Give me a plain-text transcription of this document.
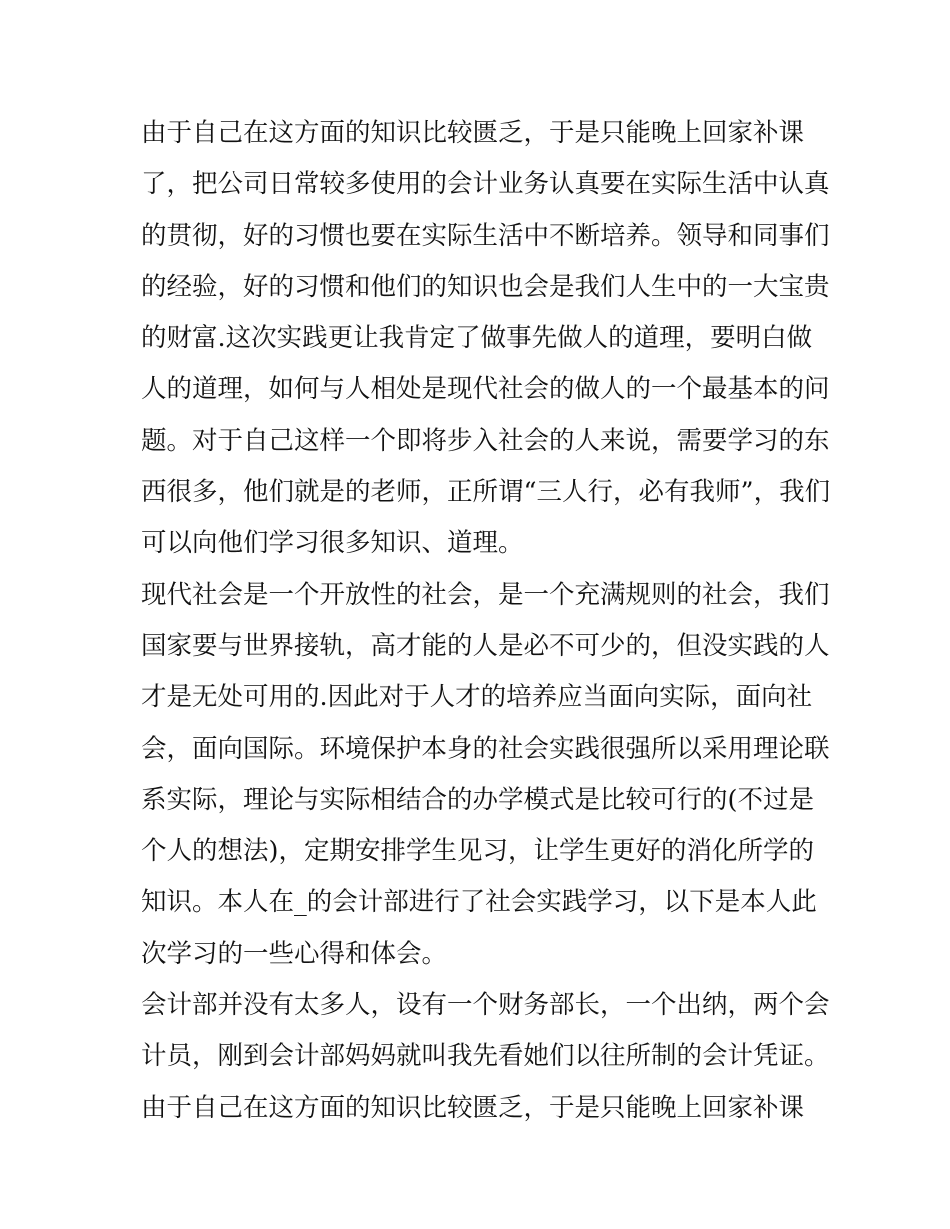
由于自己在这方面的知识比较匮乏，于是只能晚上回家补课
了，把公司日常较多使用的会计业务认真要在实际生活中认真
的贯彻，好的习惯也要在实际生活中不断培养。领导和同事们
的经验，好的习惯和他们的知识也会是我们人生中的一大宝贵
的财富.这次实践更让我肯定了做事先做人的道理，要明白做
人的道理，如何与人相处是现代社会的做人的一个最基本的问
题。对于自己这样一个即将步入社会的人来说，需要学习的东
西很多，他们就是的老师，正所谓“三人行，必有我师”，我们
可以向他们学习很多知识、道理。
现代社会是一个开放性的社会，是一个充满规则的社会，我们
国家要与世界接轨，高才能的人是必不可少的，但没实践的人
才是无处可用的.因此对于人才的培养应当面向实际，面向社
会，面向国际。环境保护本身的社会实践很强所以采用理论联
系实际，理论与实际相结合的办学模式是比较可行的(不过是
个人的想法)，定期安排学生见习，让学生更好的消化所学的
知识。本人在_的会计部进行了社会实践学习，以下是本人此
次学习的一些心得和体会。
会计部并没有太多人，设有一个财务部长，一个出纳，两个会
计员，刚到会计部妈妈就叫我先看她们以往所制的会计凭证。
由于自己在这方面的知识比较匮乏，于是只能晚上回家补课
